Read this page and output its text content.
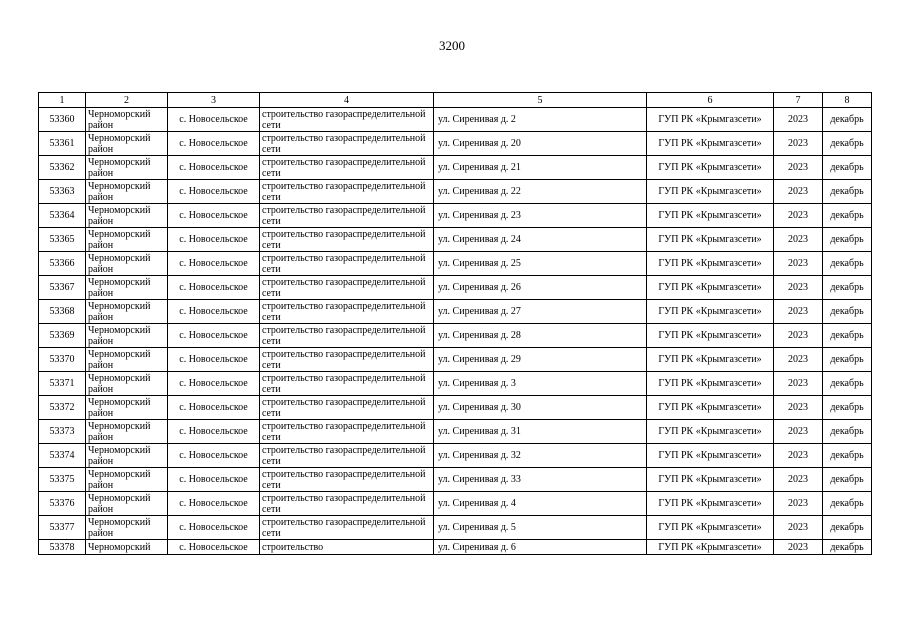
3200
1	2	3	4	5	6	7	8
53360	Черноморский район	с. Новосельское	строительство газораспределительной сети	ул. Сиренивая д. 2	ГУП РК «Крымгазсети»	2023	декабрь
53361	Черноморский район	с. Новосельское	строительство газораспределительной сети	ул. Сиренивая д. 20	ГУП РК «Крымгазсети»	2023	декабрь
53362	Черноморский район	с. Новосельское	строительство газораспределительной сети	ул. Сиренивая д. 21	ГУП РК «Крымгазсети»	2023	декабрь
53363	Черноморский район	с. Новосельское	строительство газораспределительной сети	ул. Сиренивая д. 22	ГУП РК «Крымгазсети»	2023	декабрь
53364	Черноморский район	с. Новосельское	строительство газораспределительной сети	ул. Сиренивая д. 23	ГУП РК «Крымгазсети»	2023	декабрь
53365	Черноморский район	с. Новосельское	строительство газораспределительной сети	ул. Сиренивая д. 24	ГУП РК «Крымгазсети»	2023	декабрь
53366	Черноморский район	с. Новосельское	строительство газораспределительной сети	ул. Сиренивая д. 25	ГУП РК «Крымгазсети»	2023	декабрь
53367	Черноморский район	с. Новосельское	строительство газораспределительной сети	ул. Сиренивая д. 26	ГУП РК «Крымгазсети»	2023	декабрь
53368	Черноморский район	с. Новосельское	строительство газораспределительной сети	ул. Сиренивая д. 27	ГУП РК «Крымгазсети»	2023	декабрь
53369	Черноморский район	с. Новосельское	строительство газораспределительной сети	ул. Сиренивая д. 28	ГУП РК «Крымгазсети»	2023	декабрь
53370	Черноморский район	с. Новосельское	строительство газораспределительной сети	ул. Сиренивая д. 29	ГУП РК «Крымгазсети»	2023	декабрь
53371	Черноморский район	с. Новосельское	строительство газораспределительной сети	ул. Сиренивая д. 3	ГУП РК «Крымгазсети»	2023	декабрь
53372	Черноморский район	с. Новосельское	строительство газораспределительной сети	ул. Сиренивая д. 30	ГУП РК «Крымгазсети»	2023	декабрь
53373	Черноморский район	с. Новосельское	строительство газораспределительной сети	ул. Сиренивая д. 31	ГУП РК «Крымгазсети»	2023	декабрь
53374	Черноморский район	с. Новосельское	строительство газораспределительной сети	ул. Сиренивая д. 32	ГУП РК «Крымгазсети»	2023	декабрь
53375	Черноморский район	с. Новосельское	строительство газораспределительной сети	ул. Сиренивая д. 33	ГУП РК «Крымгазсети»	2023	декабрь
53376	Черноморский район	с. Новосельское	строительство газораспределительной сети	ул. Сиренивая д. 4	ГУП РК «Крымгазсети»	2023	декабрь
53377	Черноморский район	с. Новосельское	строительство газораспределительной сети	ул. Сиренивая д. 5	ГУП РК «Крымгазсети»	2023	декабрь
53378	Черноморский	с. Новосельское	строительство	ул. Сиренивая д. 6	ГУП РК «Крымгазсети»	2023	декабрь
